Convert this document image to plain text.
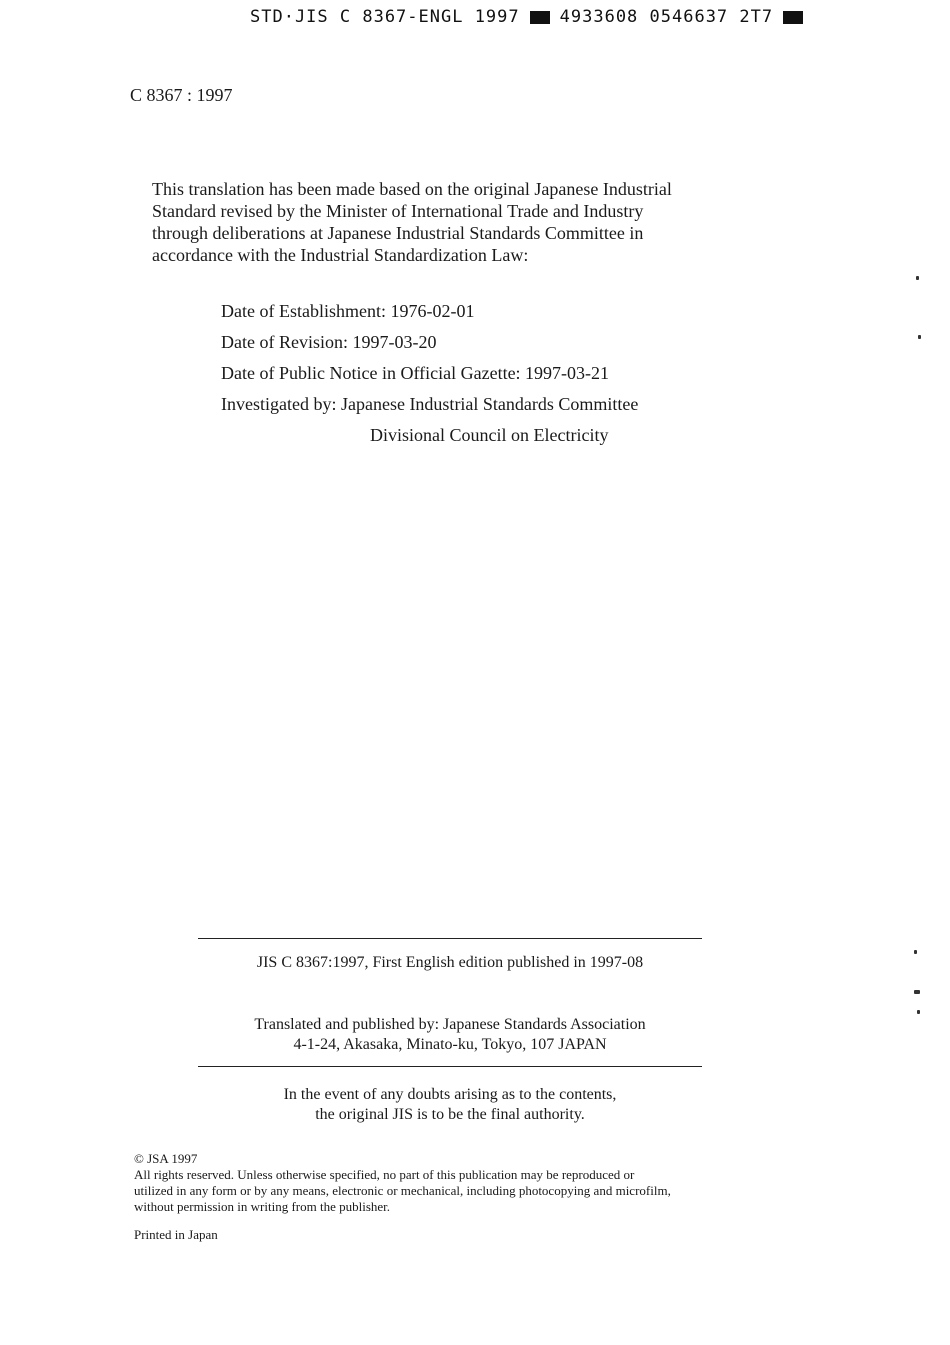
STD·JIS C 8367-ENGL 1997 4933608 0546637 2T7
C 8367 : 1997

This translation has been made based on the original Japanese Industrial

Standard revised by the Minister of International Trade and Industry

through deliberations at Japanese Industrial Standards Committee in

accordance with the Industrial Standardization Law:

Date of Establishment: 1976-02-01
Date of Revision: 1997-03-20
Date of Public Notice in Official Gazette: 1997-03-21
Investigated by: Japanese Industrial Standards Committee
Divisional Council on Electricity
JIS C 8367:1997, First English edition published in 1997-08
Translated and published by: Japanese Standards Association
4-1-24, Akasaka, Minato-ku, Tokyo, 107 JAPAN
In the event of any doubts arising as to the contents,
the original JIS is to be the final authority.

© JSA 1997

All rights reserved. Unless otherwise specified, no part of this publication may be reproduced or

utilized in any form or by any means, electronic or mechanical, including photocopying and microfilm,

without permission in writing from the publisher.

Printed in Japan
